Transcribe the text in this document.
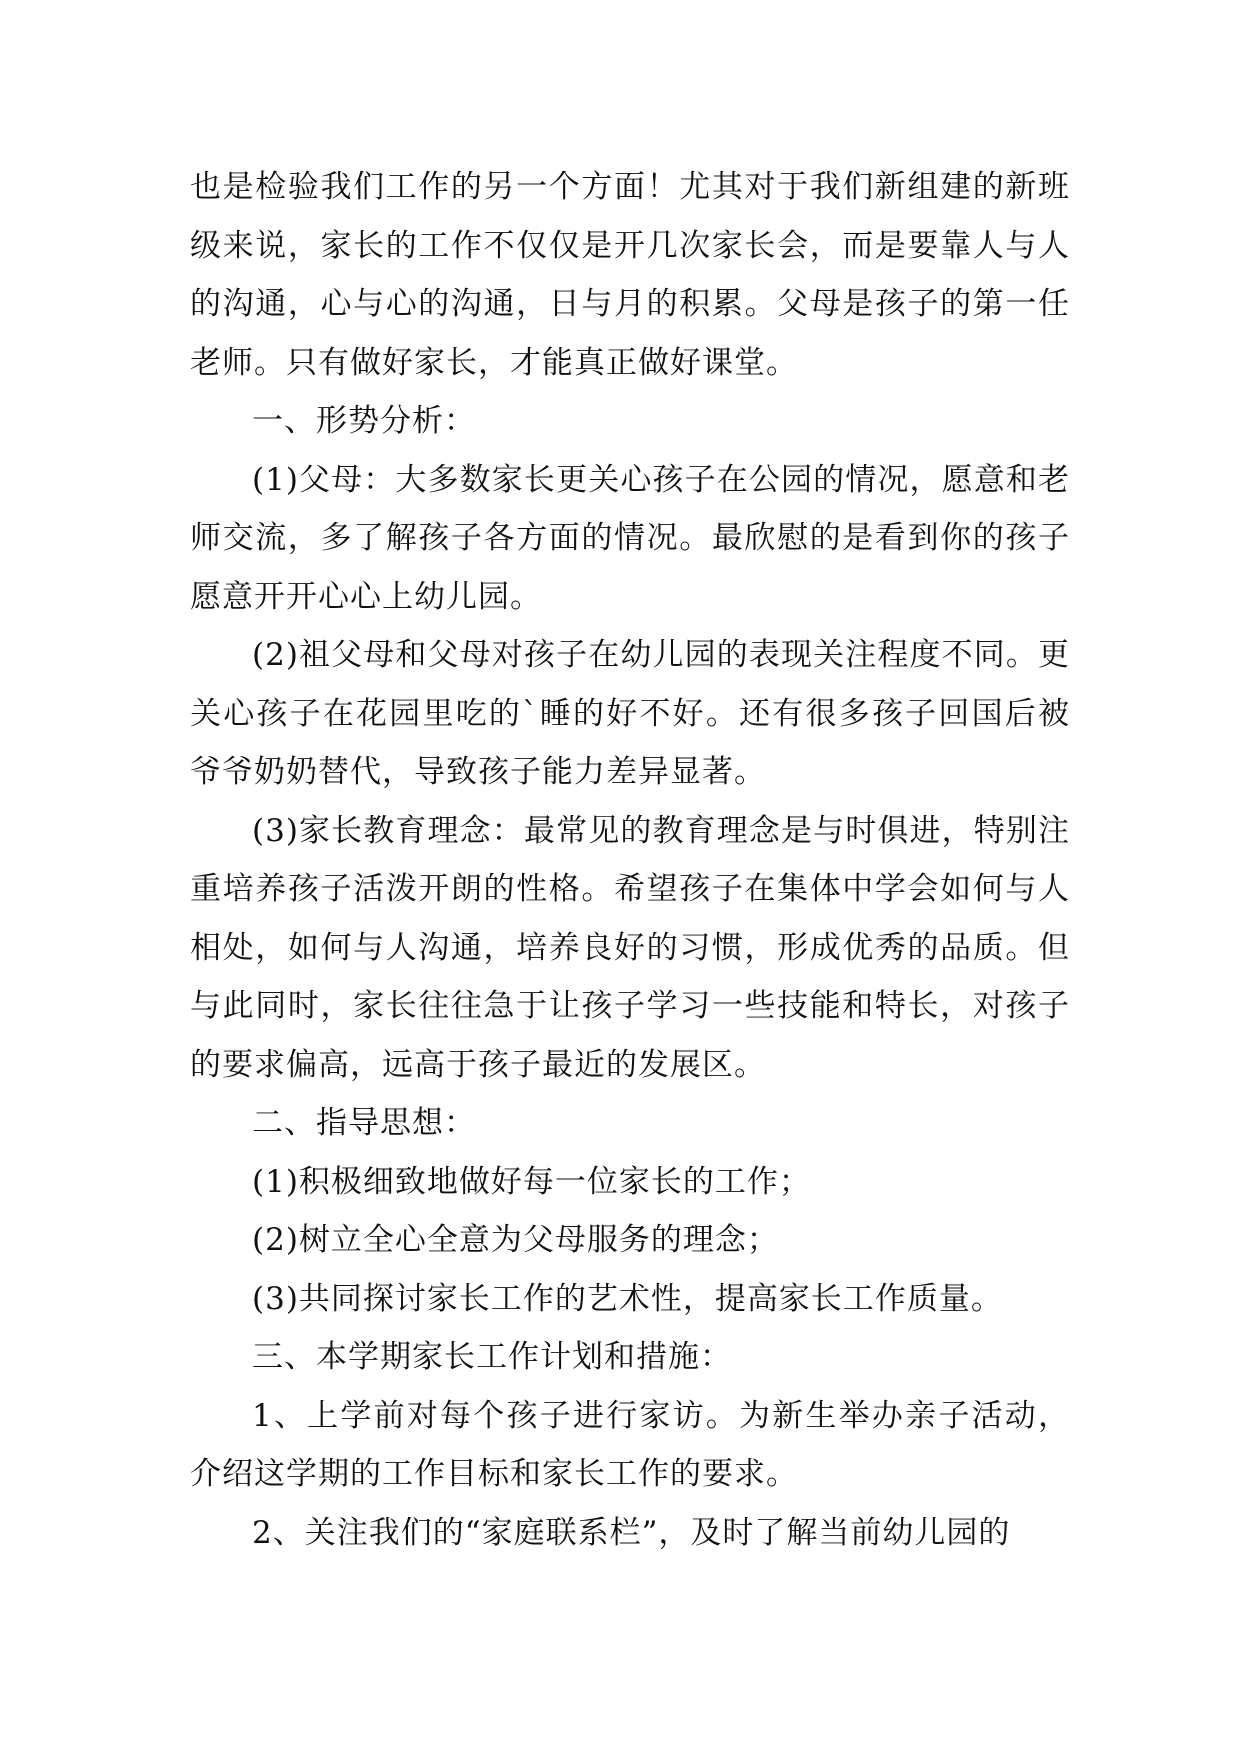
也是检验我们工作的另一个方面！尤其对于我们新组建的新班级来说，家长的工作不仅仅是开几次家长会，而是要靠人与人的沟通，心与心的沟通，日与月的积累。父母是孩子的第一任老师。只有做好家长，才能真正做好课堂。

一、形势分析：

(1)父母：大多数家长更关心孩子在公园的情况，愿意和老师交流，多了解孩子各方面的情况。最欣慰的是看到你的孩子愿意开开心心上幼儿园。

(2)祖父母和父母对孩子在幼儿园的表现关注程度不同。更关心孩子在花园里吃的`睡的好不好。还有很多孩子回国后被爷爷奶奶替代，导致孩子能力差异显著。

(3)家长教育理念：最常见的教育理念是与时俱进，特别注重培养孩子活泼开朗的性格。希望孩子在集体中学会如何与人相处，如何与人沟通，培养良好的习惯，形成优秀的品质。但与此同时，家长往往急于让孩子学习一些技能和特长，对孩子的要求偏高，远高于孩子最近的发展区。

二、指导思想：

(1)积极细致地做好每一位家长的工作；

(2)树立全心全意为父母服务的理念；

(3)共同探讨家长工作的艺术性，提高家长工作质量。

三、本学期家长工作计划和措施：

1、上学前对每个孩子进行家访。为新生举办亲子活动，介绍这学期的工作目标和家长工作的要求。

2、关注我们的“家庭联系栏”，及时了解当前幼儿园的
